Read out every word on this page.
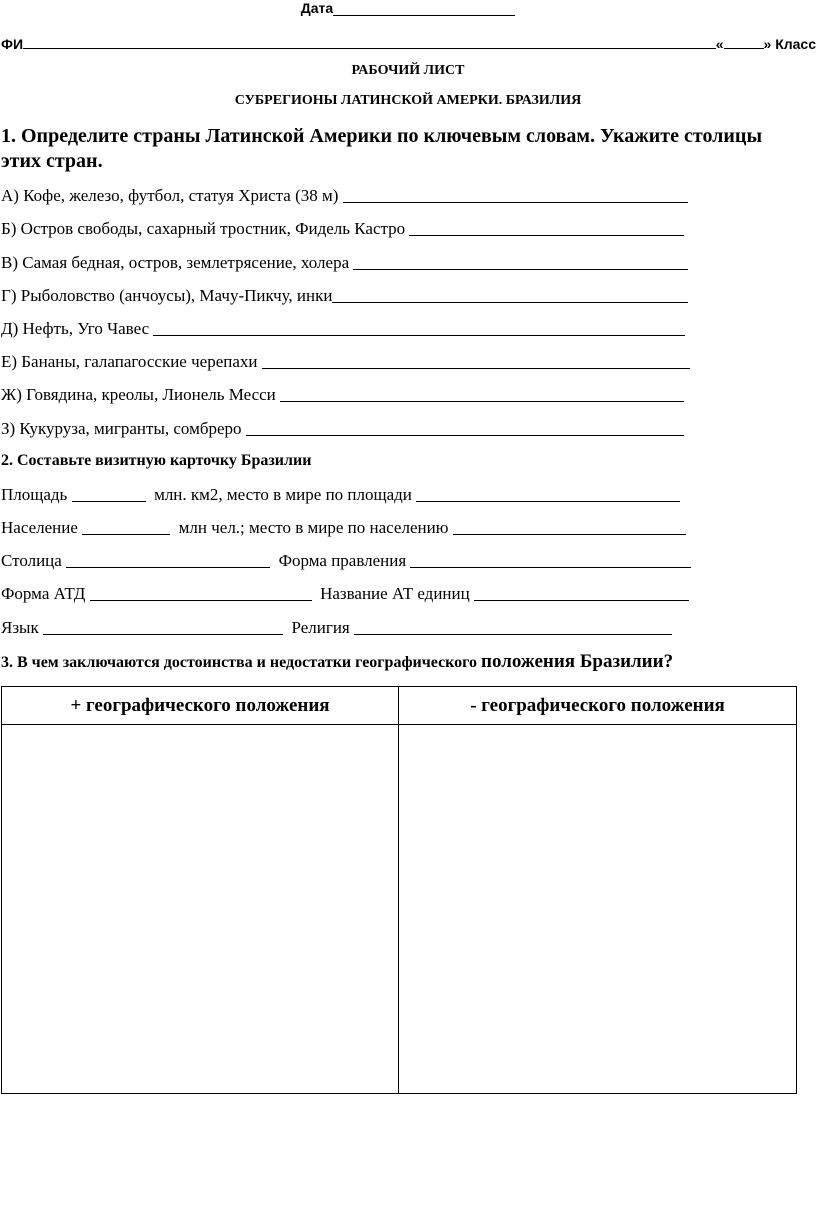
Дата
ФИ	«	» Класс
РАБОЧИЙ ЛИСТ
СУБРЕГИОНЫ ЛАТИНСКОЙ АМЕРКИ. БРАЗИЛИЯ
1. Определите страны Латинской Америки по ключевым словам. Укажите столицы этих стран.
А) Кофе, железо, футбол, статуя Христа (38 м)
Б) Остров свободы, сахарный тростник, Фидель Кастро
В) Самая бедная, остров, землетрясение, холера
Г) Рыболовство (анчоусы), Мачу-Пикчу, инки
Д) Нефть, Уго Чавес
Е) Бананы, галапагосские черепахи
Ж) Говядина, креолы, Лионель Месси
З) Кукуруза, мигранты, сомбреро
2. Составьте визитную карточку Бразилии
Площадь	млн. км2, место в мире по площади
Население	млн чел.; место в мире по населению
Столица	Форма правления
Форма АТД	Название АТ единиц
Язык	Религия
3. В чем заключаются достоинства и недостатки географического положения Бразилии?
+ географического положения	- географического положения
